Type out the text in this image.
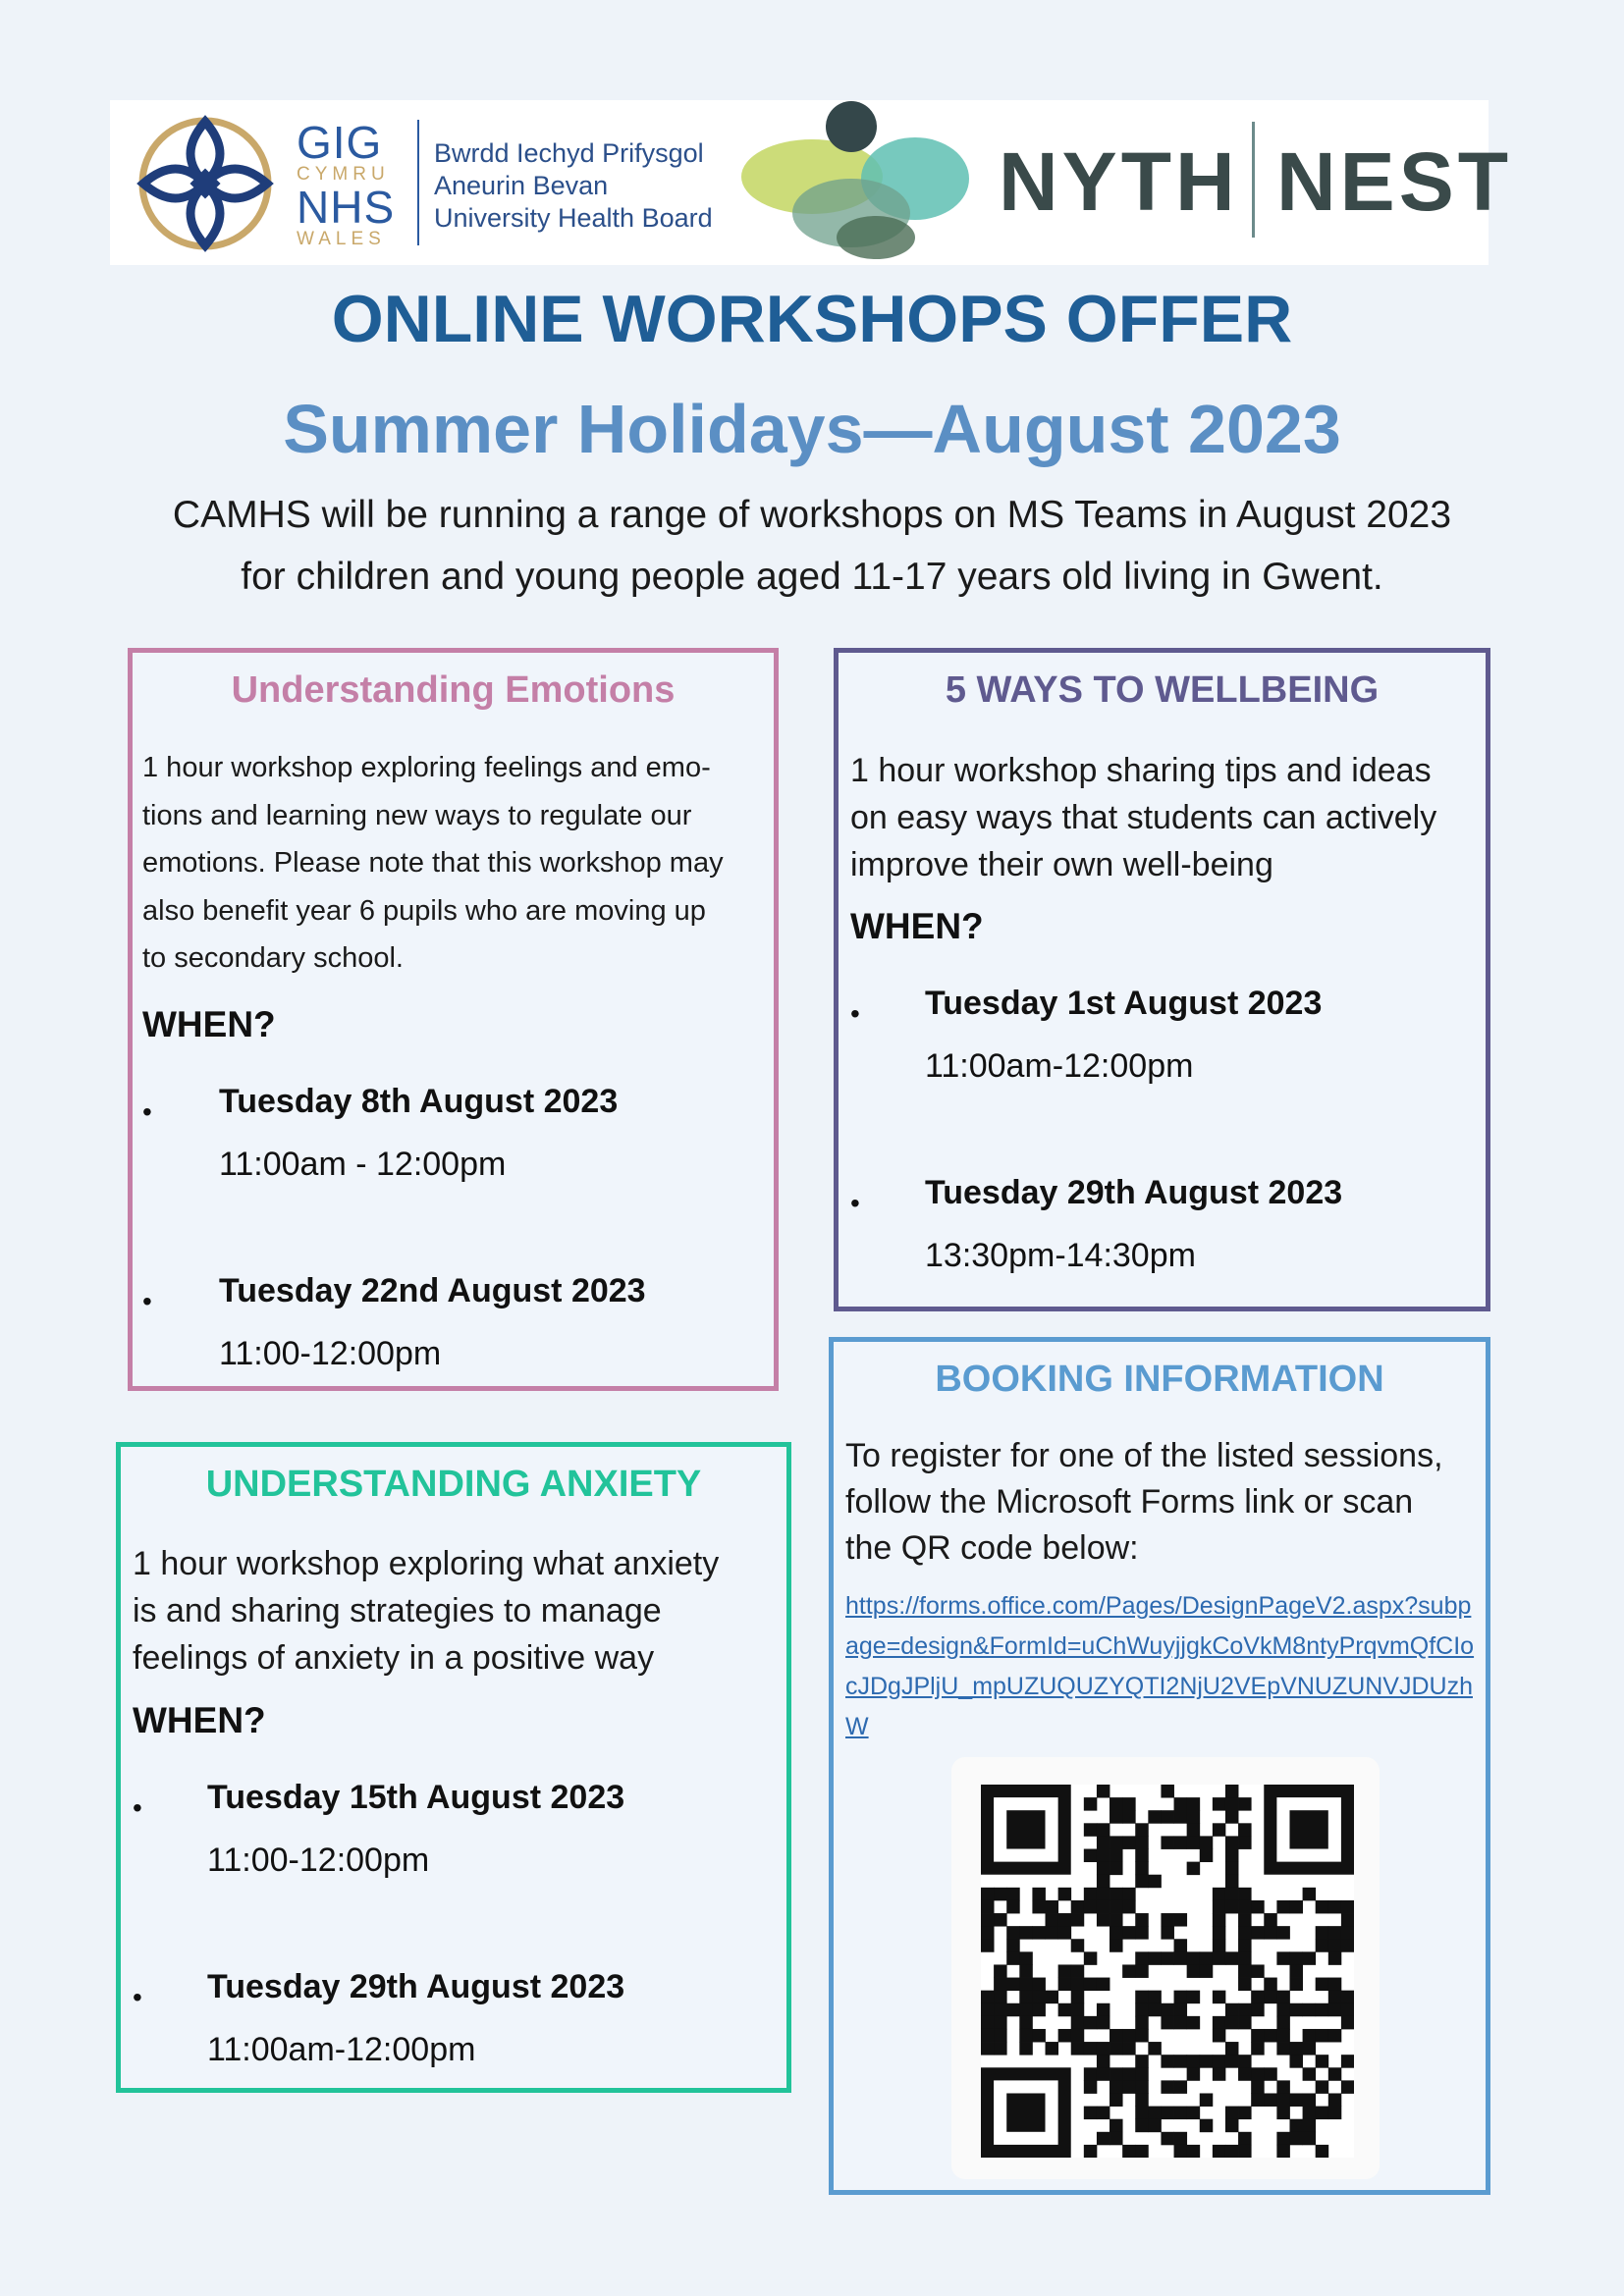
GIG
CYMRU
NHS
WALES
Bwrdd Iechyd Prifysgol
Aneurin Bevan
University Health Board	NYTH NEST
ONLINE WORKSHOPS OFFER
Summer Holidays—August 2023
CAMHS will be running a range of workshops on MS Teams in August 2023
for children and young people aged 11-17 years old living in Gwent.
Understanding Emotions
1 hour workshop exploring feelings and emo-
tions and learning new ways to regulate our
emotions. Please note that this workshop may
also benefit year 6 pupils who are moving up
to secondary school.
WHEN?
• Tuesday 8th August 2023
11:00am - 12:00pm
• Tuesday 22nd August 2023
11:00-12:00pm
5 WAYS TO WELLBEING
1 hour workshop sharing tips and ideas
on easy ways that students can actively
improve their own well-being
WHEN?
• Tuesday 1st August 2023
11:00am-12:00pm
• Tuesday 29th August 2023
13:30pm-14:30pm
UNDERSTANDING ANXIETY
1 hour workshop exploring what anxiety
is and sharing strategies to manage
feelings of anxiety in a positive way
WHEN?
• Tuesday 15th August 2023
11:00-12:00pm
• Tuesday 29th August 2023
11:00am-12:00pm
BOOKING INFORMATION
To register for one of the listed sessions,
follow the Microsoft Forms link or scan
the QR code below:
https://forms.office.com/Pages/DesignPageV2.aspx?subpage=design&FormId=uChWuyjjgkCoVkM8ntyPrqvmQfCIocJDgJPljU_mpUZUQUZYQTI2NjU2VEpVNUZUNVJDUzhW
